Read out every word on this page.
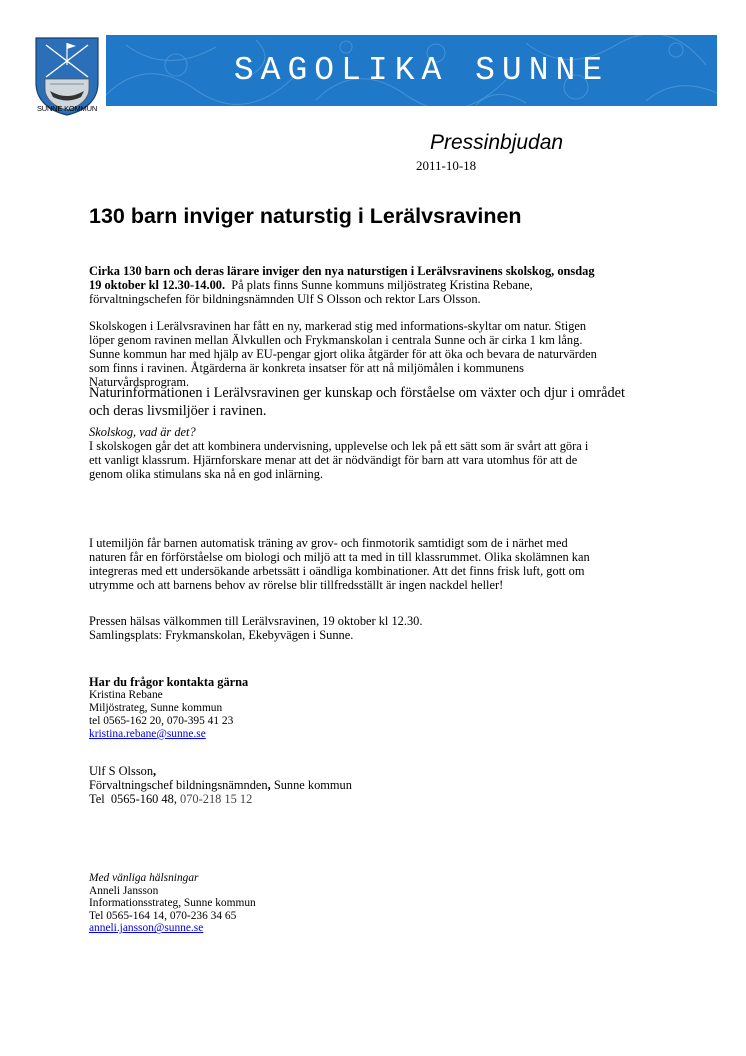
SUNNE KOMMUN
SAGOLIKA SUNNE
Pressinbjudan
2011-10-18
130 barn inviger naturstig i Lerälvsravinen
Cirka 130 barn och deras lärare inviger den nya naturstigen i Lerälvsravinens skolskog, onsdag
19 oktober kl 12.30-14.00.  På plats finns Sunne kommuns miljöstrateg Kristina Rebane,
förvaltningschefen för bildningsnämnden Ulf S Olsson och rektor Lars Olsson.
Skolskogen i Lerälvsravinen har fått en ny, markerad stig med informations-skyltar om natur. Stigen
löper genom ravinen mellan Älvkullen och Frykmanskolan i centrala Sunne och är cirka 1 km lång.
Sunne kommun har med hjälp av EU-pengar gjort olika åtgärder för att öka och bevara de naturvärden
som finns i ravinen. Åtgärderna är konkreta insatser för att nå miljömålen i kommunens
Naturvårdsprogram.
Naturinformationen i Lerälvsravinen ger kunskap och förståelse om växter och djur i området
och deras livsmiljöer i ravinen.
Skolskog, vad är det?
I skolskogen går det att kombinera undervisning, upplevelse och lek på ett sätt som är svårt att göra i
ett vanligt klassrum. Hjärnforskare menar att det är nödvändigt för barn att vara utomhus för att de
genom olika stimulans ska nå en god inlärning.
I utemiljön får barnen automatisk träning av grov- och finmotorik samtidigt som de i närhet med
naturen får en förförståelse om biologi och miljö att ta med in till klassrummet. Olika skolämnen kan
integreras med ett undersökande arbetssätt i oändliga kombinationer. Att det finns frisk luft, gott om
utrymme och att barnens behov av rörelse blir tillfredsställt är ingen nackdel heller!
Pressen hälsas välkommen till Lerälvsravinen, 19 oktober kl 12.30.
Samlingsplats: Frykmanskolan, Ekebyvägen i Sunne.
Har du frågor kontakta gärna
Kristina Rebane
Miljöstrateg, Sunne kommun
tel 0565-162 20, 070-395 41 23
kristina.rebane@sunne.se
Ulf S Olsson,
Förvaltningschef bildningsnämnden, Sunne kommun
Tel  0565-160 48, 070-218 15 12
Med vänliga hälsningar
Anneli Jansson
Informationsstrateg, Sunne kommun
Tel 0565-164 14, 070-236 34 65
anneli.jansson@sunne.se
